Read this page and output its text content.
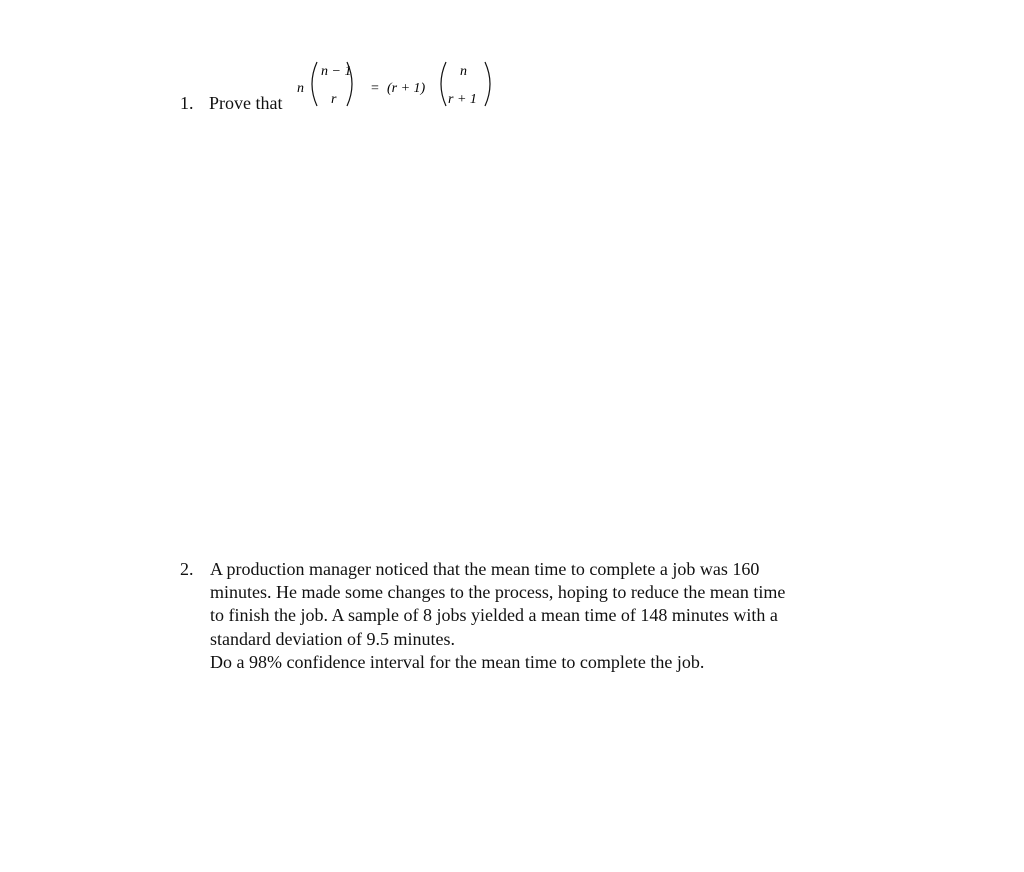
1. Prove that
n
n − 1
r
= (r + 1)
n
r + 1
2. A production manager noticed that the mean time to complete a job was 160
minutes. He made some changes to the process, hoping to reduce the mean time
to finish the job. A sample of 8 jobs yielded a mean time of 148 minutes with a
standard deviation of 9.5 minutes.
Do a 98% confidence interval for the mean time to complete the job.
